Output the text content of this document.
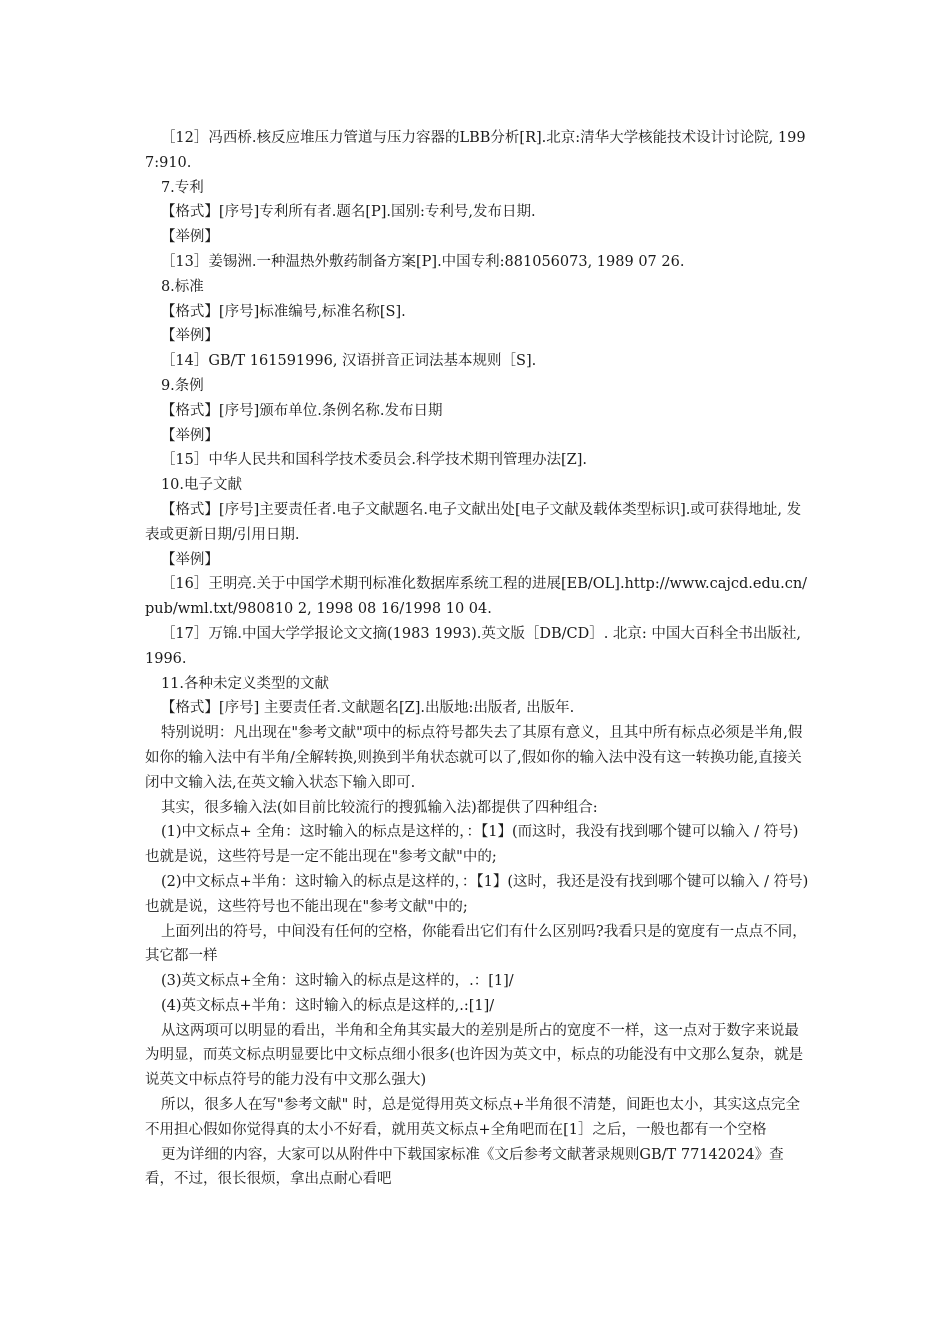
［12］冯西桥.核反应堆压力管道与压力容器的LBB分析[R].北京:清华大学核能技术设计讨论院, 1997:910.

7.专利

【格式】[序号]专利所有者.题名[P].国别:专利号,发布日期.

【举例】

［13］姜锡洲.一种温热外敷药制备方案[P].中国专利:881056073, 1989 07 26.

8.标准

【格式】[序号]标准编号,标准名称[S].

【举例】

［14］GB/T 161591996, 汉语拼音正词法基本规则［S].

9.条例

【格式】[序号]颁布单位.条例名称.发布日期

【举例】

［15］中华人民共和国科学技术委员会.科学技术期刊管理办法[Z].

10.电子文献

【格式】[序号]主要责任者.电子文献题名.电子文献出处[电子文献及载体类型标识].或可获得地址, 发表或更新日期/引用日期.

【举例】

［16］王明亮.关于中国学术期刊标准化数据库系统工程的进展[EB/OL].http://www.cajcd.edu.cn/pub/wml.txt/980810 2, 1998 08 16/1998 10 04.

［17］万锦.中国大学学报论文文摘(1983 1993).英文版［DB/CD］. 北京: 中国大百科全书出版社, 1996.

11.各种未定义类型的文献

【格式】[序号] 主要责任者.文献题名[Z].出版地:出版者, 出版年.

特别说明：凡出现在"参考文献"项中的标点符号都失去了其原有意义，且其中所有标点必须是半角,假如你的输入法中有半角/全解转换,则换到半角状态就可以了,假如你的输入法中没有这一转换功能,直接关闭中文输入法,在英文输入状态下输入即可.

其实，很多输入法(如目前比较流行的搜狐输入法)都提供了四种组合:

(1)中文标点+ 全角：这时输入的标点是这样的，：【1】(而这时，我没有找到哪个键可以输入 / 符号)也就是说，这些符号是一定不能出现在"参考文献"中的;

(2)中文标点+半角：这时输入的标点是这样的，：【1】(这时，我还是没有找到哪个键可以输入 / 符号)也就是说，这些符号也不能出现在"参考文献"中的;

上面列出的符号，中间没有任何的空格，你能看出它们有什么区别吗?我看只是的宽度有一点点不同，其它都一样

(3)英文标点+全角：这时输入的标点是这样的，.：[1]/

(4)英文标点+半角：这时输入的标点是这样的,.:[1]/

从这两项可以明显的看出，半角和全角其实最大的差别是所占的宽度不一样，这一点对于数字来说最为明显，而英文标点明显要比中文标点细小很多(也许因为英文中，标点的功能没有中文那么复杂，就是说英文中标点符号的能力没有中文那么强大)

所以，很多人在写"参考文献" 时，总是觉得用英文标点+半角很不清楚，间距也太小，其实这点完全不用担心假如你觉得真的太小不好看，就用英文标点+全角吧而在[1］之后，一般也都有一个空格

更为详细的内容，大家可以从附件中下载国家标准《文后参考文献著录规则GB/T 77142024》查看，不过，很长很烦，拿出点耐心看吧
